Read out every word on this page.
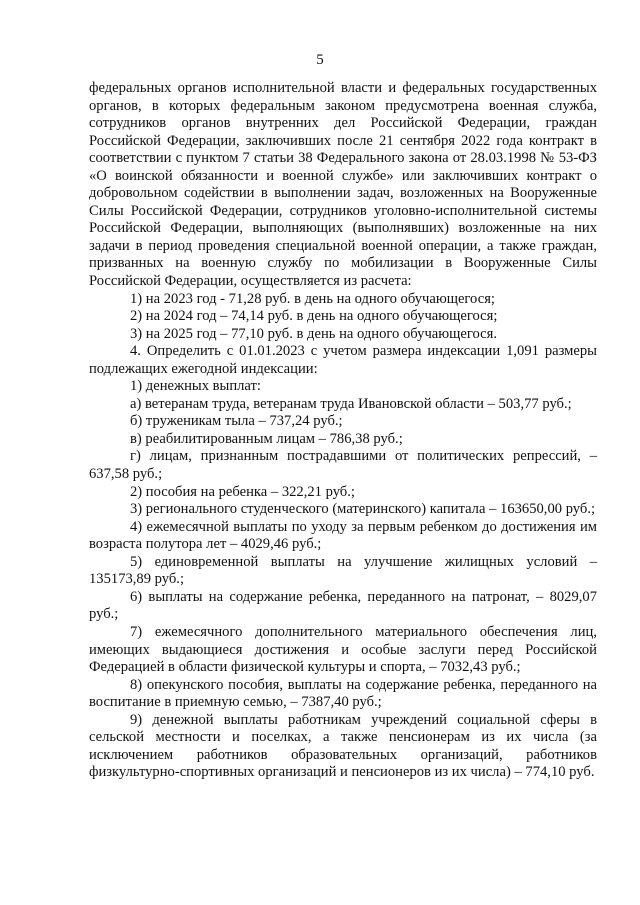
5

федеральных органов исполнительной власти и федеральных государственных органов, в которых федеральным законом предусмотрена военная служба, сотрудников органов внутренних дел Российской Федерации, граждан Российской Федерации, заключивших после 21 сентября 2022 года контракт в соответствии с пунктом 7 статьи 38 Федерального закона от 28.03.1998 № 53-ФЗ «О воинской обязанности и военной службе» или заключивших контракт о добровольном содействии в выполнении задач, возложенных на Вооруженные Силы Российской Федерации, сотрудников уголовно-исполнительной системы Российской Федерации, выполняющих (выполнявших) возложенные на них задачи в период проведения специальной военной операции, а также граждан, призванных на военную службу по мобилизации в Вооруженные Силы Российской Федерации, осуществляется из расчета:

1) на 2023 год - 71,28 руб. в день на одного обучающегося;

2) на 2024 год – 74,14 руб. в день на одного обучающегося;

3) на 2025 год – 77,10 руб. в день на одного обучающегося.

4. Определить с 01.01.2023 с учетом размера индексации 1,091 размеры подлежащих ежегодной индексации:

1) денежных выплат:

а) ветеранам труда, ветеранам труда Ивановской области – 503,77 руб.;

б) труженикам тыла – 737,24 руб.;

в) реабилитированным лицам – 786,38 руб.;

г) лицам, признанным пострадавшими от политических репрессий, – 637,58 руб.;

2) пособия на ребенка – 322,21 руб.;

3) регионального студенческого (материнского) капитала – 163650,00 руб.;

4) ежемесячной выплаты по уходу за первым ребенком до достижения им возраста полутора лет – 4029,46 руб.;

5) единовременной выплаты на улучшение жилищных условий – 135173,89 руб.;

6) выплаты на содержание ребенка, переданного на патронат, – 8029,07 руб.;

7) ежемесячного дополнительного материального обеспечения лиц, имеющих выдающиеся достижения и особые заслуги перед Российской Федерацией в области физической культуры и спорта, – 7032,43 руб.;

8) опекунского пособия, выплаты на содержание ребенка, переданного на воспитание в приемную семью, – 7387,40 руб.;

9) денежной выплаты работникам учреждений социальной сферы в сельской местности и поселках, а также пенсионерам из их числа (за исключением работников образовательных организаций, работников физкультурно-спортивных организаций и пенсионеров из их числа) – 774,10 руб.
